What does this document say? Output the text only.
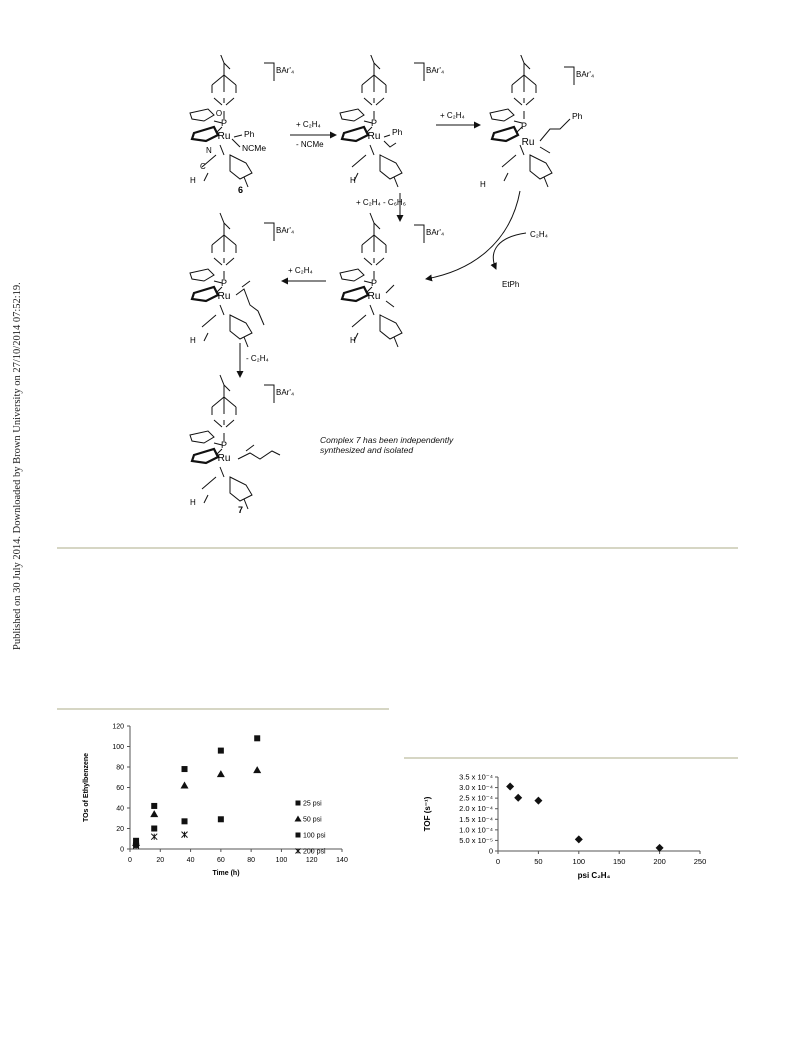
Published on 30 July 2014. Downloaded by Brown University on 27/10/2014 07:52:19.
O
P
Ru
N
C
H
Ph
NCMe
6
BAr'₄
+ C₂H₄
- NCMe
P
Ru
H
Ph
BAr'₄
+ C₂H₄
P
Ru
H
Ph
BAr'₄
+ C₂H₄ - C₆H₆
C₂H₄
EtPh
P
Ru
H
BAr'₄
+ C₂H₄
P
Ru
H
BAr'₄
- C₂H₄
P
Ru
H
7
BAr'₄
Complex 7 has been independently synthesized and isolated
0	20	40	60	80	100	120	140
0
20
40
60
80
100
120
Time (h)
TOs of Ethylbenzene	25 psi
50 psi
100 psi
200 psi
0	50	100	150	200	250
0
5.0 x 10⁻⁵
1.0 x 10⁻⁴
1.5 x 10⁻⁴
2.0 x 10⁻⁴
2.5 x 10⁻⁴
3.0 x 10⁻⁴
3.5 x 10⁻⁴
psi C₂H₄
TOF (s⁻¹)
